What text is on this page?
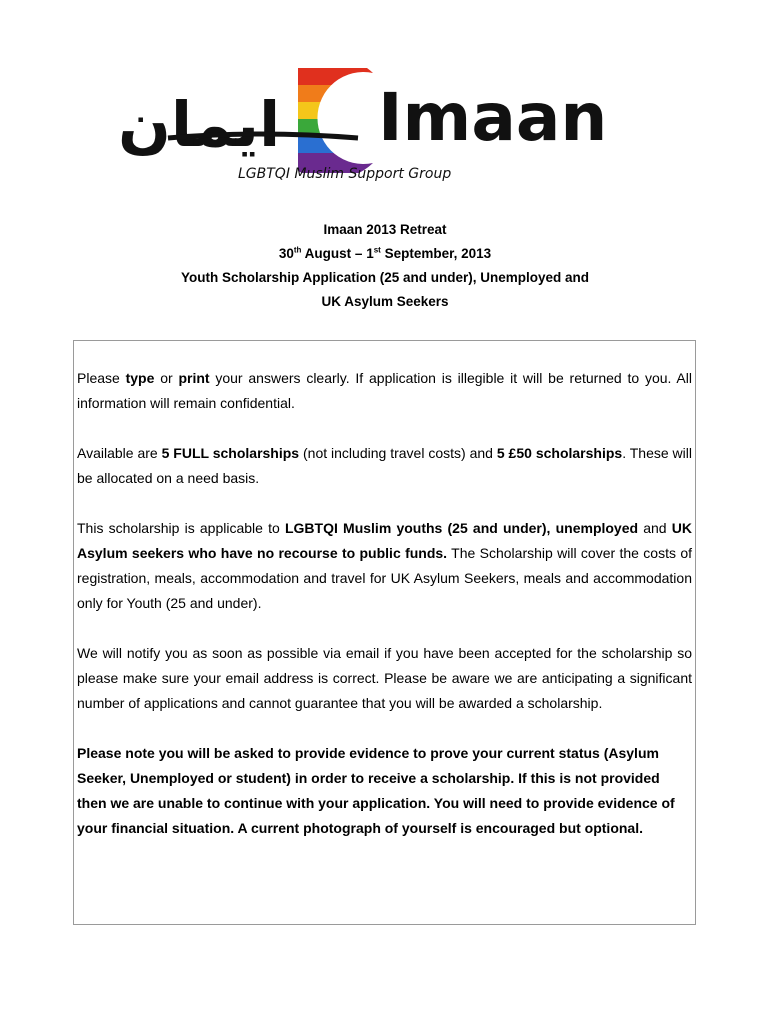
Imaan
ايمان
LGBTQI Muslim Support Group
Imaan 2013 Retreat
30th August – 1st September, 2013
Youth Scholarship Application (25 and under), Unemployed and
UK Asylum Seekers

Please type or print your answers clearly. If application is illegible it will be returned to you. All information will remain confidential.

Available are 5 FULL scholarships (not including travel costs) and 5 £50 scholarships. These will be allocated on a need basis.

This scholarship is applicable to LGBTQI Muslim youths (25 and under), unemployed and UK Asylum seekers who have no recourse to public funds. The Scholarship will cover the costs of registration, meals, accommodation and travel for UK Asylum Seekers, meals and accommodation only for Youth (25 and under).

We will notify you as soon as possible via email if you have been accepted for the scholarship so please make sure your email address is correct. Please be aware we are anticipating a significant number of applications and cannot guarantee that you will be awarded a scholarship.

Please note you will be asked to provide evidence to prove your current status (Asylum Seeker, Unemployed or student) in order to receive a scholarship. If this is not provided then we are unable to continue with your application. You will need to provide evidence of your financial situation. A current photograph of yourself is encouraged but optional.
